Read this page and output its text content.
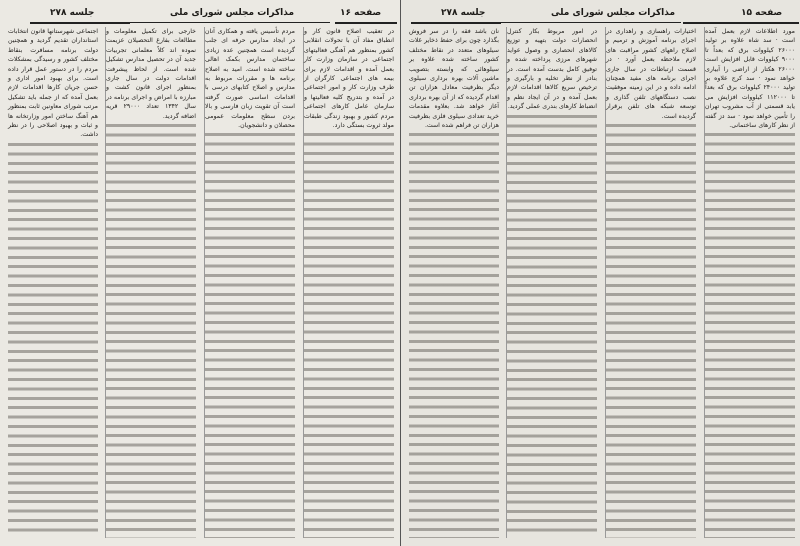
جلسه ۲۷۸	مذاکرات مجلس شورای ملی	صفحه ۱۶

در تعقیب اصلاح قانون کار و انطباق مفاد آن با تحولات انقلابی کشور بمنظور هم آهنگی فعالیتهای اجتماعی در سازمان وزارت کار بعمل آمده و اقدامات لازم برای بیمه های اجتماعی کارگران از طرف وزارت کار و امور اجتماعی در آمده و بتدریج کلیه فعالیتها و سازمان عامل کارهای اجتماعی مردم کشور و بهبود زندگی طبقات مولد ثروت بستگی دارد.

مردم تأسیس یافته و همکاری آنان در ایجاد مدارس حرفه ای جلب گردیده است همچنین عده زیادی ساختمان مدارس بکمک اهالی ساخته شده است. امید به اصلاح برنامه ها و مقررات مربوط به مدارس و اصلاح کتابهای درسی با اقدامات اساسی صورت گرفته است آن تقویت زبان فارسی و بالا بردن سطح معلومات عمومی محصلان و دانشجویان.

خارجی برای تکمیل معلومات و مطالعات بفارغ التحصیلان عزیمت نموده اند کلاً معلمانی تجربیات جدید آن در تحصیل مدارس تشکیل شده است. از لحاظ پیشرفت اقدامات دولت در سال جاری بمنظور اجرای قانون کشت و مبارزه با امراض و اجرای برنامه در سال ۱۳۴۲ تعداد ۲۹۰۰۰ قریه اضافه گردید.

اجتماعی شهرستانها قانون انتخابات استانداران تقدیم گردید و همچنین دولت برنامه مسافرت بنقاط مختلف کشور و رسیدگی بمشکلات مردم را در دستور عمل قرار داده است. برای بهبود امور اداری و حسن جریان کارها اقدامات لازم بعمل آمده که از جمله باید تشکیل مرتب شورای معاونین ثابت بمنظور هم آهنگ ساختن امور وزارتخانه ها و ثبات و بهبود اصلاحی را در نظر داشت.

جلسه ۲۷۸	مذاکرات مجلس شورای ملی	صفحه ۱۵

مورد اطلاعات لازم بعمل آمده است · سد شاه علاوه بر تولید ۲۶۰۰۰ کیلووات برق که بعداً تا ۹۰۰۰ کیلووات قابل افزایش است ۲۶۰۰۰ هکتار از اراضی را آبیاری خواهد نمود · سد کرج علاوه بر تولید ۲۴۰۰۰ کیلووات برق که بعداً تا ۱۱۲۰۰۰ کیلووات افزایش می یابد قسمتی از آب مشروب تهران را تأمین خواهد نمود · سد دز گفته از نظر کارهای ساختمانی.

اختیارات راهسازی و راهداری در اجرای برنامه آموزش و ترمیم و اصلاح راههای کشور مراقبت های لازم ملاحظه بعمل آورد · در قسمت ارتباطات در سال جاری اجرای برنامه های مفید همچنان ادامه داده و در این زمینه موفقیت نصب دستگاههای تلفن گذاری و توسعه شبکه های تلفن برقرار گردیده است.

در امور مربوط بکار کنترل انحصارات دولت بتهیه و توزیع کالاهای انحصاری و وصول عواید شهرهای مرزی پرداخته شده و توفیق کامل بدست آمده است. در بنادر از نظر تخلیه و بارگیری و ترخیص سریع کالاها اقدامات لازم بعمل آمده و در آن ایجاد نظم و انضباط کارهای بندری عملی گردید.

نان باشد فقه را در سر فروش بگذارد چون برای حفظ ذخایر غلات سیلوهای متعدد در نقاط مختلف کشور ساخته شده علاوه بر سیلوهائی که وابسته بتصویب ماشین آلات بهره برداری سیلوی دیگر بظرفیت معادل هزاران تن اقدام گردیده که از آن بهره برداری آغاز خواهد شد. بعلاوه مقدمات خرید تعدادی سیلوی فلزی بظرفیت هزاران تن فراهم شده است.
